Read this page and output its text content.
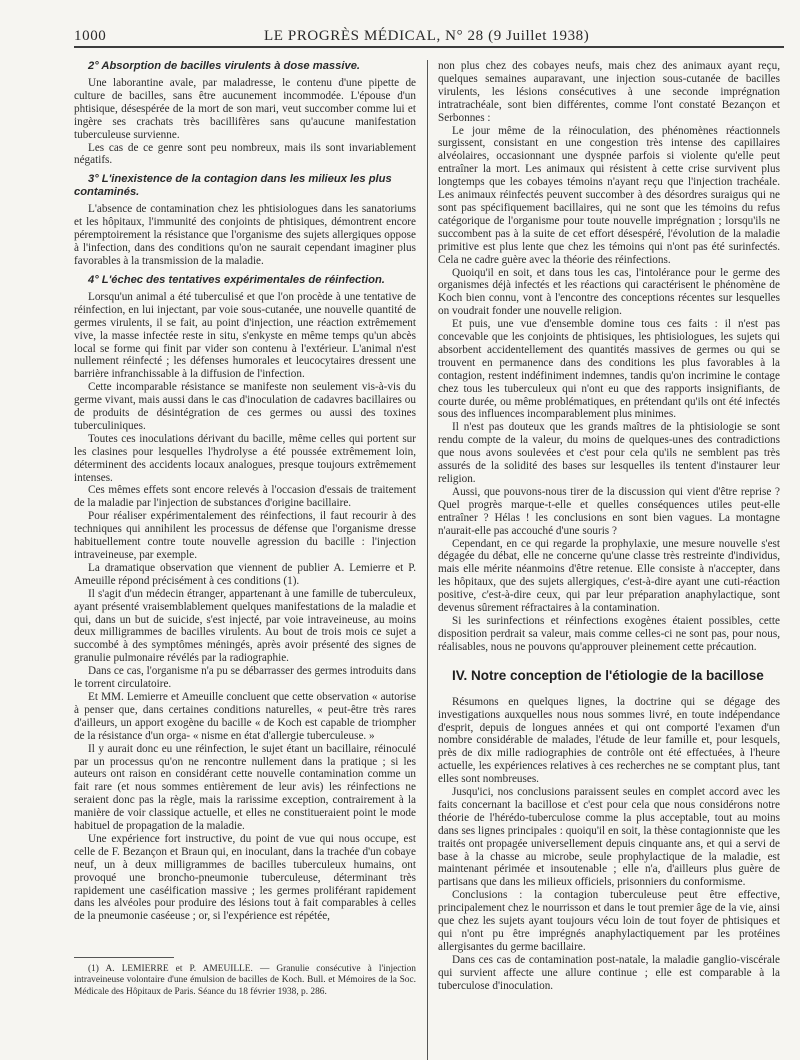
1000	LE PROGRÈS MÉDICAL, N° 28 (9 Juillet 1938)
2° Absorption de bacilles virulents à dose massive.

Une laborantine avale, par maladresse, le contenu d'une pipette de culture de bacilles, sans être aucunement incommodée. L'épouse d'un phtisique, désespérée de la mort de son mari, veut succomber comme lui et ingère ses crachats très bacillifères sans qu'aucune manifestation tuberculeuse survienne.

Les cas de ce genre sont peu nombreux, mais ils sont invariablement négatifs.

3° L'inexistence de la contagion dans les milieux les plus contaminés.

L'absence de contamination chez les phtisiologues dans les sanatoriums et les hôpitaux, l'immunité des conjoints de phtisiques, démontrent encore péremptoirement la résistance que l'organisme des sujets allergiques oppose à l'infection, dans des conditions qu'on ne saurait cependant imaginer plus favorables à la transmission de la maladie.

4° L'échec des tentatives expérimentales de réinfection.

Lorsqu'un animal a été tuberculisé et que l'on procède à une tentative de réinfection, en lui injectant, par voie sous-cutanée, une nouvelle quantité de germes virulents, il se fait, au point d'injection, une réaction extrêmement vive, la masse infectée reste in situ, s'enkyste en même temps qu'un abcès local se forme qui finit par vider son contenu à l'extérieur. L'animal n'est nullement réinfecté ; les défenses humorales et leucocytaires dressent une barrière infranchissable à la diffusion de l'infection.

Cette incomparable résistance se manifeste non seulement vis-à-vis du germe vivant, mais aussi dans le cas d'inoculation de cadavres bacillaires ou de produits de désintégration de ces germes ou aussi des toxines tuberculiniques.

Toutes ces inoculations dérivant du bacille, même celles qui portent sur les clasines pour lesquelles l'hydrolyse a été poussée extrêmement loin, déterminent des accidents locaux analogues, presque toujours extrêmement intenses.

Ces mêmes effets sont encore relevés à l'occasion d'essais de traitement de la maladie par l'injection de substances d'origine bacillaire.

Pour réaliser expérimentalement des réinfections, il faut recourir à des techniques qui annihilent les processus de défense que l'organisme dresse habituellement contre toute nouvelle agression du bacille : l'injection intraveineuse, par exemple.

La dramatique observation que viennent de publier A. Lemierre et P. Ameuille répond précisément à ces conditions (1).

Il s'agit d'un médecin étranger, appartenant à une famille de tuberculeux, ayant présenté vraisemblablement quelques manifestations de la maladie et qui, dans un but de suicide, s'est injecté, par voie intraveineuse, au moins deux milligrammes de bacilles virulents. Au bout de trois mois ce sujet a succombé à des symptômes méningés, après avoir présenté des signes de granulie pulmonaire révélés par la radiographie.

Dans ce cas, l'organisme n'a pu se débarrasser des germes introduits dans le torrent circulatoire.

Et MM. Lemierre et Ameuille concluent que cette observation « autorise à penser que, dans certaines conditions naturelles, « peut-être très rares d'ailleurs, un apport exogène du bacille « de Koch est capable de triompher de la résistance d'un orga- « nisme en état d'allergie tuberculeuse. »

Il y aurait donc eu une réinfection, le sujet étant un bacillaire, réinoculé par un processus qu'on ne rencontre nullement dans la pratique ; si les auteurs ont raison en considérant cette nouvelle contamination comme un fait rare (et nous sommes entièrement de leur avis) les réinfections ne seraient donc pas la règle, mais la rarissime exception, contrairement à la manière de voir classique actuelle, et elles ne constitueraient point le mode habituel de propagation de la maladie.

Une expérience fort instructive, du point de vue qui nous occupe, est celle de F. Bezançon et Braun qui, en inoculant, dans la trachée d'un cobaye neuf, un à deux milligrammes de bacilles tuberculeux humains, ont provoqué une broncho-pneumonie tuberculeuse, déterminant très rapidement une caséification massive ; les germes proliférant rapidement dans les alvéoles pour produire des lésions tout à fait comparables à celles de la pneumonie caséeuse ; or, si l'expérience est répétée,

(1) A. LEMIERRE et P. AMEUILLE. — Granulie consécutive à l'injection intraveineuse volontaire d'une émulsion de bacilles de Koch. Bull. et Mémoires de la Soc. Médicale des Hôpitaux de Paris. Séance du 18 février 1938, p. 286.

non plus chez des cobayes neufs, mais chez des animaux ayant reçu, quelques semaines auparavant, une injection sous-cutanée de bacilles virulents, les lésions consécutives à une seconde imprégnation intratrachéale, sont bien différentes, comme l'ont constaté Bezançon et Serbonnes :

Le jour même de la réinoculation, des phénomènes réactionnels surgissent, consistant en une congestion très intense des capillaires alvéolaires, occasionnant une dyspnée parfois si violente qu'elle peut entraîner la mort. Les animaux qui résistent à cette crise survivent plus longtemps que les cobayes témoins n'ayant reçu que l'injection trachéale. Les animaux réinfectés peuvent succomber à des désordres suraigus qui ne sont pas spécifiquement bacillaires, qui ne sont que les témoins du refus catégorique de l'organisme pour toute nouvelle imprégnation ; lorsqu'ils ne succombent pas à la suite de cet effort désespéré, l'évolution de la maladie primitive est plus lente que chez les témoins qui n'ont pas été surinfectés. Cela ne cadre guère avec la théorie des réinfections.

Quoiqu'il en soit, et dans tous les cas, l'intolérance pour le germe des organismes déjà infectés et les réactions qui caractérisent le phénomène de Koch bien connu, vont à l'encontre des conceptions récentes sur lesquelles on voudrait fonder une nouvelle religion.

Et puis, une vue d'ensemble domine tous ces faits : il n'est pas concevable que les conjoints de phtisiques, les phtisiologues, les sujets qui absorbent accidentellement des quantités massives de germes ou qui se trouvent en permanence dans des conditions les plus favorables à la contagion, restent indéfiniment indemnes, tandis qu'on incrimine le contage chez tous les tuberculeux qui n'ont eu que des rapports insignifiants, de courte durée, ou même problématiques, en prétendant qu'ils ont été infectés sous des influences incomparablement plus minimes.

Il n'est pas douteux que les grands maîtres de la phtisiologie se sont rendu compte de la valeur, du moins de quelques-unes des contradictions que nous avons soulevées et c'est pour cela qu'ils ne semblent pas très assurés de la solidité des bases sur lesquelles ils tentent d'instaurer leur religion.

Aussi, que pouvons-nous tirer de la discussion qui vient d'être reprise ? Quel progrès marque-t-elle et quelles conséquences utiles peut-elle entraîner ? Hélas ! les conclusions en sont bien vagues. La montagne n'aurait-elle pas accouché d'une souris ?

Cependant, en ce qui regarde la prophylaxie, une mesure nouvelle s'est dégagée du débat, elle ne concerne qu'une classe très restreinte d'individus, mais elle mérite néanmoins d'être retenue. Elle consiste à n'accepter, dans les hôpitaux, que des sujets allergiques, c'est-à-dire ayant une cuti-réaction positive, c'est-à-dire ceux, qui par leur préparation anaphylactique, sont devenus sûrement réfractaires à la contamination.

Si les surinfections et réinfections exogènes étaient possibles, cette disposition perdrait sa valeur, mais comme celles-ci ne sont pas, pour nous, réalisables, nous ne pouvons qu'approuver pleinement cette précaution.

IV. Notre conception de l'étiologie de la bacillose

Résumons en quelques lignes, la doctrine qui se dégage des investigations auxquelles nous nous sommes livré, en toute indépendance d'esprit, depuis de longues années et qui ont comporté l'examen d'un nombre considérable de malades, l'étude de leur famille et, pour lesquels, près de dix mille radiographies de contrôle ont été effectuées, à l'heure actuelle, les expériences relatives à ces recherches ne se comptant plus, tant elles sont nombreuses.

Jusqu'ici, nos conclusions paraissent seules en complet accord avec les faits concernant la bacillose et c'est pour cela que nous considérons notre théorie de l'hérédo-tuberculose comme la plus acceptable, tout au moins dans ses lignes principales : quoiqu'il en soit, la thèse contagionniste que les traités ont propagée universellement depuis cinquante ans, et qui a servi de base à la chasse au microbe, seule prophylactique de la maladie, est maintenant périmée et insoutenable ; elle n'a, d'ailleurs plus guère de partisans que dans les milieux officiels, prisonniers du conformisme.

Conclusions : la contagion tuberculeuse peut être effective, principalement chez le nourrisson et dans le tout premier âge de la vie, ainsi que chez les sujets ayant toujours vécu loin de tout foyer de phtisiques et qui n'ont pu être imprégnés anaphylactiquement par les protéines allergisantes du germe bacillaire.

Dans ces cas de contamination post-natale, la maladie ganglio-viscérale qui survient affecte une allure continue ; elle est comparable à la tuberculose d'inoculation.
